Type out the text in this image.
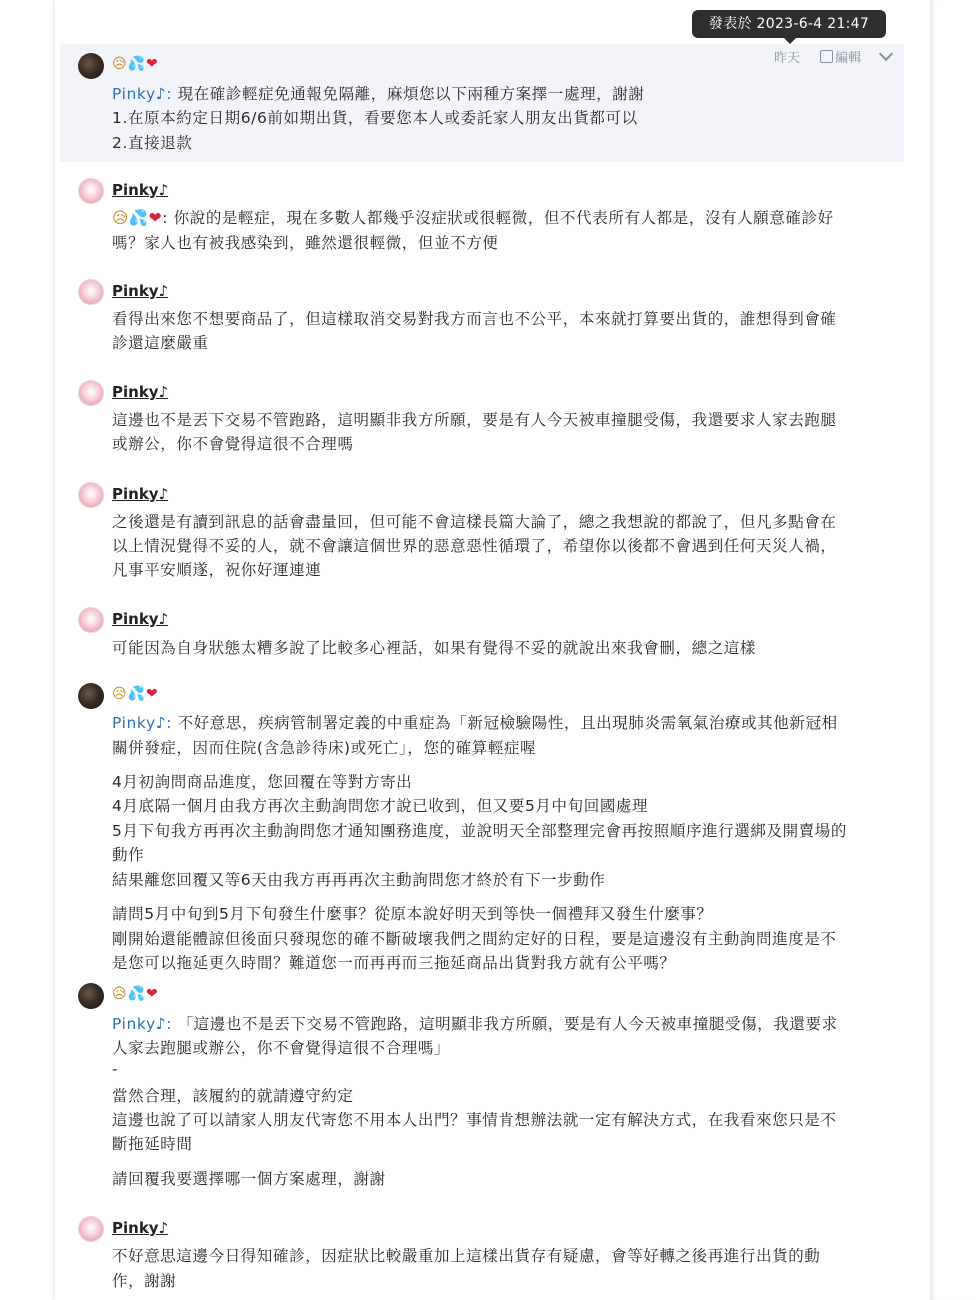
😥💦❤
Pinky♪: 現在確診輕症免通報免隔離，麻煩您以下兩種方案擇一處理，謝謝
1.在原本約定日期6/6前如期出貨，看要您本人或委託家人朋友出貨都可以
2.直接退款
昨天	編輯
發表於 2023-6-4 21:47
Pinky♪
😥💦❤: 你說的是輕症，現在多數人都幾乎沒症狀或很輕微，但不代表所有人都是，沒有人願意確診好
嗎？家人也有被我感染到，雖然還很輕微，但並不方便
Pinky♪
看得出來您不想要商品了，但這樣取消交易對我方而言也不公平，本來就打算要出貨的，誰想得到會確
診還這麼嚴重
Pinky♪
這邊也不是丟下交易不管跑路，這明顯非我方所願，要是有人今天被車撞腿受傷，我還要求人家去跑腿
或辦公，你不會覺得這很不合理嗎
Pinky♪
之後還是有讀到訊息的話會盡量回，但可能不會這樣長篇大論了，總之我想說的都說了，但凡多點會在
以上情況覺得不妥的人，就不會讓這個世界的惡意惡性循環了，希望你以後都不會遇到任何天災人禍，
凡事平安順遂，祝你好運連連
Pinky♪
可能因為自身狀態太糟多說了比較多心裡話，如果有覺得不妥的就說出來我會刪，總之這樣
😥💦❤
Pinky♪: 不好意思，疾病管制署定義的中重症為「新冠檢驗陽性，且出現肺炎需氧氣治療或其他新冠相
關併發症，因而住院(含急診待床)或死亡」，您的確算輕症喔
4月初詢問商品進度，您回覆在等對方寄出
4月底隔一個月由我方再次主動詢問您才說已收到，但又要5月中旬回國處理
5月下旬我方再再次主動詢問您才通知團務進度，並說明天全部整理完會再按照順序進行選綁及開賣場的
動作
結果離您回覆又等6天由我方再再再次主動詢問您才終於有下一步動作
請問5月中旬到5月下旬發生什麼事？從原本說好明天到等快一個禮拜又發生什麼事？
剛開始還能體諒但後面只發現您的確不斷破壞我們之間約定好的日程，要是這邊沒有主動詢問進度是不
是您可以拖延更久時間？難道您一而再再而三拖延商品出貨對我方就有公平嗎？
😥💦❤
Pinky♪: 「這邊也不是丟下交易不管跑路，這明顯非我方所願，要是有人今天被車撞腿受傷，我還要求
人家去跑腿或辦公，你不會覺得這很不合理嗎」
-
當然合理，該履約的就請遵守約定
這邊也說了可以請家人朋友代寄您不用本人出門？事情肯想辦法就一定有解決方式，在我看來您只是不
斷拖延時間
請回覆我要選擇哪一個方案處理，謝謝
Pinky♪
不好意思這邊今日得知確診，因症狀比較嚴重加上這樣出貨存有疑慮，會等好轉之後再進行出貨的動
作，謝謝
